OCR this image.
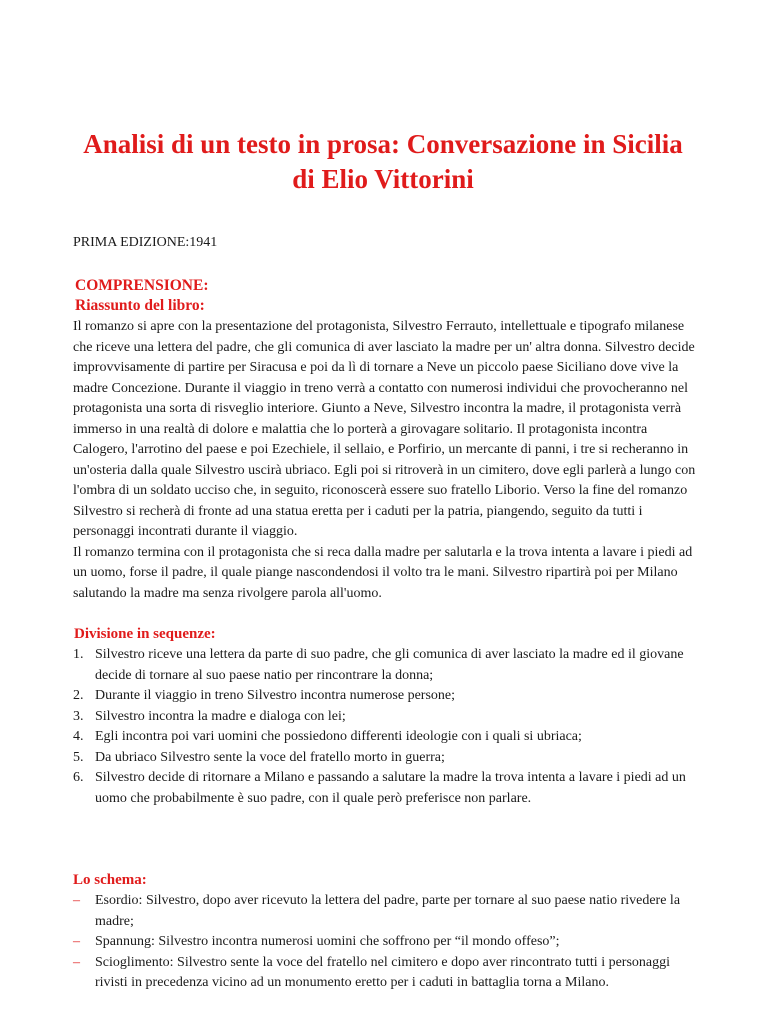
Analisi di un testo in prosa: Conversazione in Sicilia di Elio Vittorini
PRIMA EDIZIONE:1941
COMPRENSIONE:
Riassunto del libro:

Il romanzo si apre con la presentazione del protagonista, Silvestro Ferrauto, intellettuale e tipografo milanese che riceve una lettera del padre, che gli comunica di aver lasciato la madre per un' altra donna. Silvestro decide improvvisamente di partire per Siracusa e poi da lì di tornare a Neve un piccolo paese Siciliano dove vive la madre Concezione. Durante il viaggio in treno verrà a contatto con numerosi individui che provocheranno nel protagonista una sorta di risveglio interiore. Giunto a Neve, Silvestro incontra la madre, il protagonista verrà immerso in una realtà di dolore e malattia che lo porterà a girovagare solitario. Il protagonista incontra Calogero, l'arrotino del paese e poi Ezechiele, il sellaio, e Porfirio, un mercante di panni, i tre si recheranno in un'osteria dalla quale Silvestro uscirà ubriaco. Egli poi si ritroverà in un cimitero, dove egli parlerà a lungo con l'ombra di un soldato ucciso che, in seguito, riconoscerà essere suo fratello Liborio. Verso la fine del romanzo Silvestro si recherà di fronte ad una statua eretta per i caduti per la patria, piangendo, seguito da tutti i personaggi incontrati durante il viaggio.

Il romanzo termina con il protagonista che si reca dalla madre per salutarla e la trova intenta a lavare i piedi ad un uomo, forse il padre, il quale piange nascondendosi il volto tra le mani. Silvestro ripartirà poi per Milano salutando la madre ma senza rivolgere parola all'uomo.

Divisione in sequenze:
1. Silvestro riceve una lettera da parte di suo padre, che gli comunica di aver lasciato la madre ed il giovane decide di tornare al suo paese natio per rincontrare la donna;
2. Durante il viaggio in treno Silvestro incontra numerose persone;
3. Silvestro incontra la madre e dialoga con lei;
4. Egli incontra poi vari uomini che possiedono differenti ideologie con i quali si ubriaca;
5. Da ubriaco Silvestro sente la voce del fratello morto in guerra;
6. Silvestro decide di ritornare a Milano e passando a salutare la madre la trova intenta a lavare i piedi ad un uomo che probabilmente è suo padre, con il quale però preferisce non parlare.
Lo schema:
– Esordio: Silvestro, dopo aver ricevuto la lettera del padre, parte per tornare al suo paese natio rivedere la madre;
– Spannung: Silvestro incontra numerosi uomini che soffrono per “il mondo offeso”;
– Scioglimento: Silvestro sente la voce del fratello nel cimitero e dopo aver rincontrato tutti i personaggi rivisti in precedenza vicino ad un monumento eretto per i caduti in battaglia torna a Milano.
